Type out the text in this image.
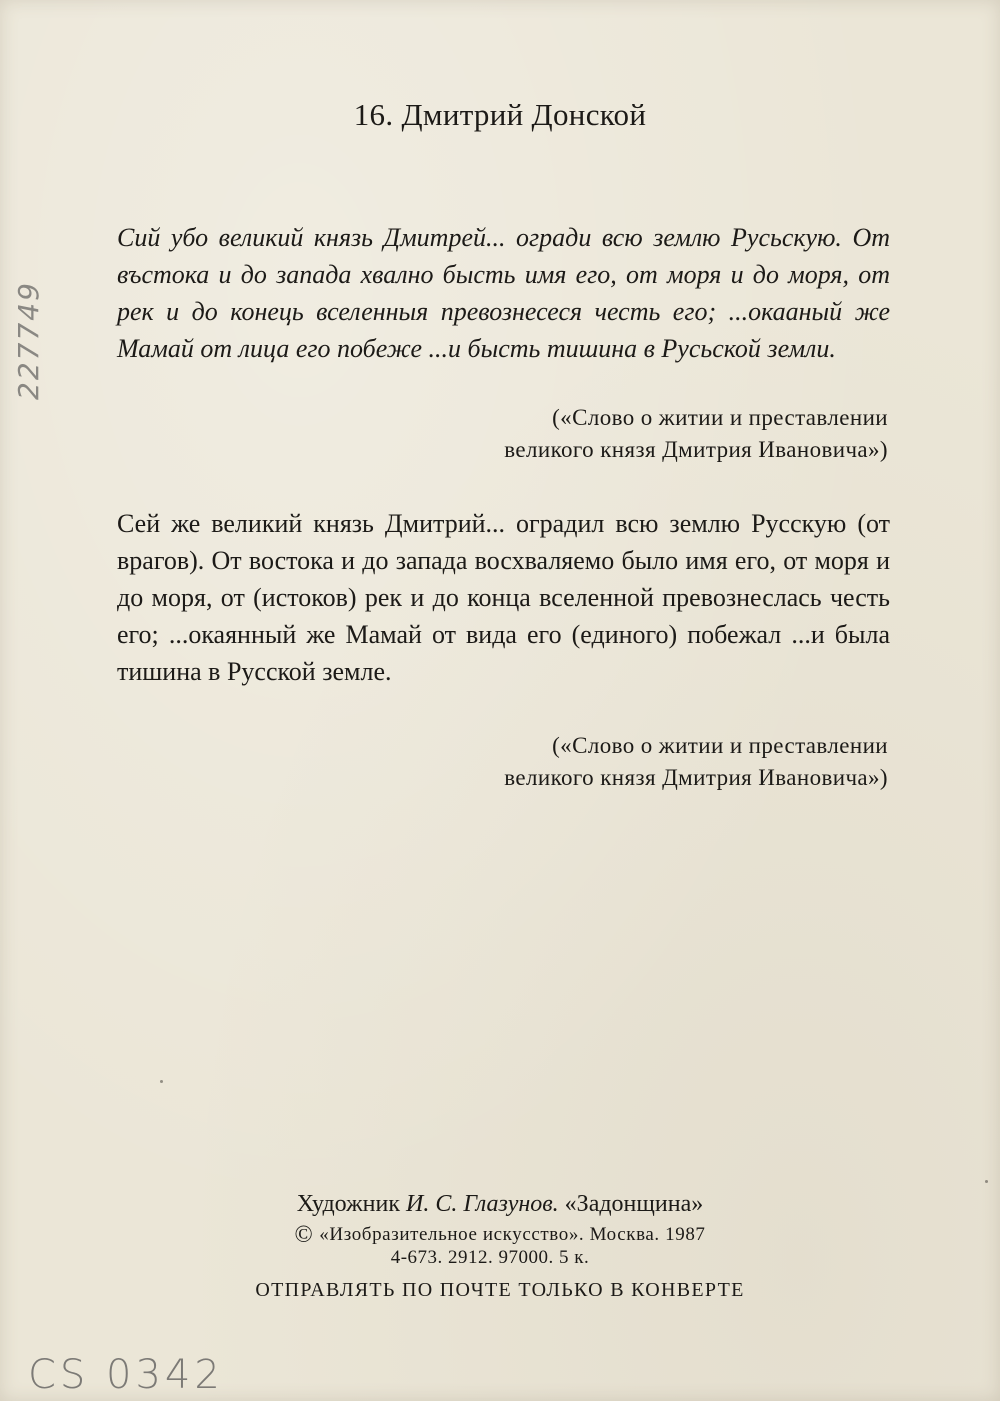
16. Дмитрий Донской
Сий убо великий князь Дмитрей... огради всю землю Русьскую. От въстока и до запада хвално бысть имя его, от моря и до моря, от рек и до конець вселенныя превознесеся честь его; ...окааный же Мамай от лица его побеже ...и бысть тишина в Русьской земли.
(«Слово о житии и преставлении
великого князя Дмитрия Ивановича»)
Сей же великий князь Дмитрий... оградил всю землю Русскую (от врагов). От востока и до запада восхваляемо было имя его, от моря и до моря, от (истоков) рек и до конца вселенной превознеслась честь его; ...окаянный же Мамай от вида его (единого) побежал ...и была тишина в Русской земле.
(«Слово о житии и преставлении
великого князя Дмитрия Ивановича»)
Художник И. С. Глазунов. «Задонщина»
© «Изобразительное искусство». Москва. 1987
4-673. 2912. 97000. 5 к.
ОТПРАВЛЯТЬ ПО ПОЧТЕ ТОЛЬКО В КОНВЕРТЕ
227749
CS 0342
